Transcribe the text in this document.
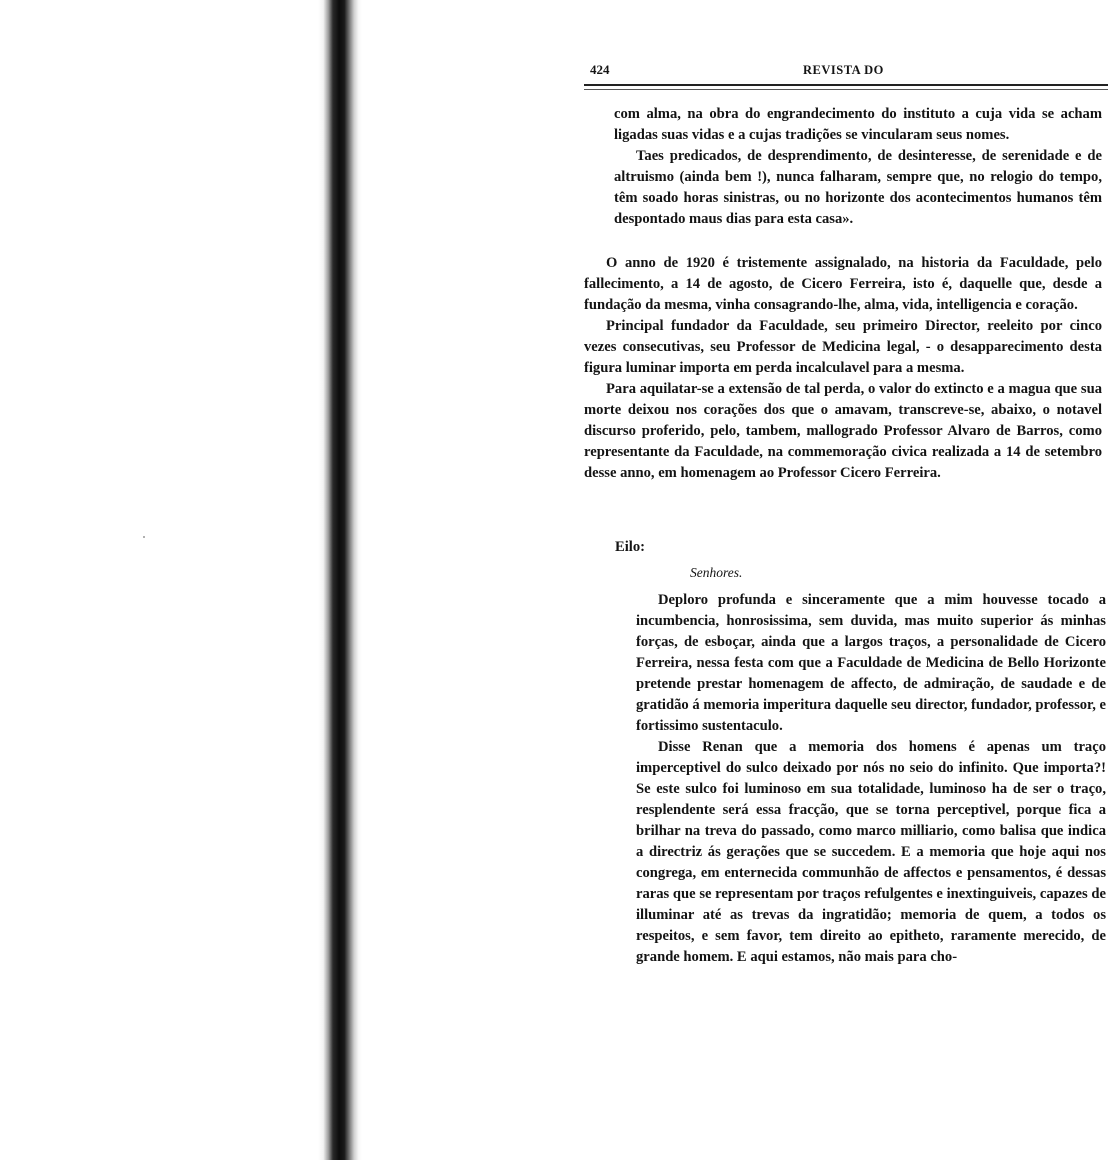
424	REVISTA DO

com alma, na obra do engrandecimento do instituto a cuja vida se acham ligadas suas vidas e a cujas tradições se vincularam seus nomes.

Taes predicados, de desprendimento, de desinteresse, de serenidade e de altruismo (ainda bem !), nunca falharam, sempre que, no relogio do tempo, têm soado horas sinistras, ou no horizonte dos acontecimentos humanos têm despontado maus dias para esta casa».

O anno de 1920 é tristemente assignalado, na historia da Faculdade, pelo fallecimento, a 14 de agosto, de Cicero Ferreira, isto é, daquelle que, desde a fundação da mesma, vinha consagrando-lhe, alma, vida, intelligencia e coração.

Principal fundador da Faculdade, seu primeiro Director, reeleito por cinco vezes consecutivas, seu Professor de Medicina legal, - o desapparecimento desta figura luminar importa em perda incalculavel para a mesma.

Para aquilatar-se a extensão de tal perda, o valor do extincto e a magua que sua morte deixou nos corações dos que o amavam, transcreve-se, abaixo, o notavel discurso proferido, pelo, tambem, mallogrado Professor Alvaro de Barros, como representante da Faculdade, na commemoração civica realizada a 14 de setembro desse anno, em homenagem ao Professor Cicero Ferreira.

Eilo:
Senhores.

Deploro profunda e sinceramente que a mim houvesse tocado a incumbencia, honrosissima, sem duvida, mas muito superior ás minhas forças, de esboçar, ainda que a largos traços, a personalidade de Cicero Ferreira, nessa festa com que a Faculdade de Medicina de Bello Horizonte pretende prestar homenagem de affecto, de admiração, de saudade e de gratidão á memoria imperitura daquelle seu director, fundador, professor, e fortissimo sustentaculo.

Disse Renan que a memoria dos homens é apenas um traço imperceptivel do sulco deixado por nós no seio do infinito. Que importa?! Se este sulco foi luminoso em sua totalidade, luminoso ha de ser o traço, resplendente será essa fracção, que se torna perceptivel, porque fica a brilhar na treva do passado, como marco milliario, como balisa que indica a directriz ás gerações que se succedem. E a memoria que hoje aqui nos congrega, em enternecida communhão de affectos e pensamentos, é dessas raras que se representam por traços refulgentes e inextinguiveis, capazes de illuminar até as trevas da ingratidão; memoria de quem, a todos os respeitos, e sem favor, tem direito ao epitheto, raramente merecido, de grande homem. E aqui estamos, não mais para cho-
